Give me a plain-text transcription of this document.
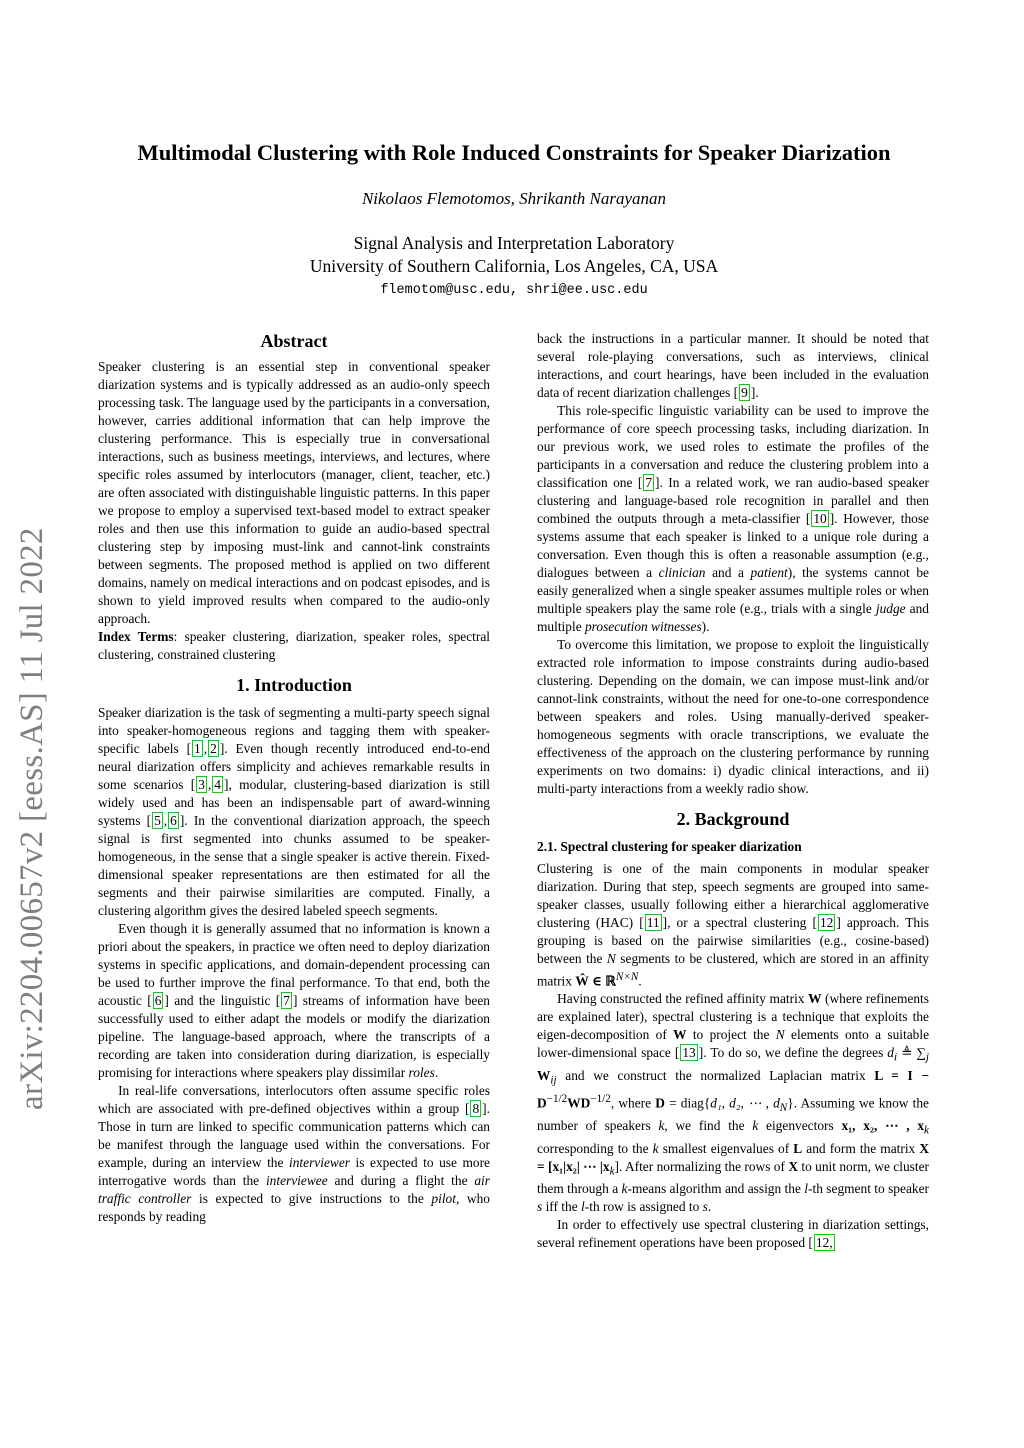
arXiv:2204.00657v2 [eess.AS] 11 Jul 2022
Multimodal Clustering with Role Induced Constraints for Speaker Diarization
Nikolaos Flemotomos, Shrikanth Narayanan
Signal Analysis and Interpretation Laboratory
University of Southern California, Los Angeles, CA, USA
flemotom@usc.edu, shri@ee.usc.edu
Abstract

Speaker clustering is an essential step in conventional speaker diarization systems and is typically addressed as an audio-only speech processing task. The language used by the participants in a conversation, however, carries additional information that can help improve the clustering performance. This is especially true in conversational interactions, such as business meetings, interviews, and lectures, where specific roles assumed by interlocutors (manager, client, teacher, etc.) are often associated with distinguishable linguistic patterns. In this paper we propose to employ a supervised text-based model to extract speaker roles and then use this information to guide an audio-based spectral clustering step by imposing must-link and cannot-link constraints between segments. The proposed method is applied on two different domains, namely on medical interactions and on podcast episodes, and is shown to yield improved results when compared to the audio-only approach.

Index Terms: speaker clustering, diarization, speaker roles, spectral clustering, constrained clustering

1. Introduction

Speaker diarization is the task of segmenting a multi-party speech signal into speaker-homogeneous regions and tagging them with speaker-specific labels [ 1 , 2 ]. Even though recently introduced end-to-end neural diarization offers simplicity and achieves remarkable results in some scenarios [ 3 , 4 ], modular, clustering-based diarization is still widely used and has been an indispensable part of award-winning systems [ 5 , 6 ]. In the conventional diarization approach, the speech signal is first segmented into chunks assumed to be speaker-homogeneous, in the sense that a single speaker is active therein. Fixed-dimensional speaker representations are then estimated for all the segments and their pairwise similarities are computed. Finally, a clustering algorithm gives the desired labeled speech segments.

Even though it is generally assumed that no information is known a priori about the speakers, in practice we often need to deploy diarization systems in specific applications, and domain-dependent processing can be used to further improve the final performance. To that end, both the acoustic [ 6 ] and the linguistic [ 7 ] streams of information have been successfully used to either adapt the models or modify the diarization pipeline. The language-based approach, where the transcripts of a recording are taken into consideration during diarization, is especially promising for interactions where speakers play dissimilar roles.

In real-life conversations, interlocutors often assume specific roles which are associated with pre-defined objectives within a group [ 8 ]. Those in turn are linked to specific communication patterns which can be manifest through the language used within the conversations. For example, during an interview the interviewer is expected to use more interrogative words than the interviewee and during a flight the air traffic controller is expected to give instructions to the pilot, who responds by reading

back the instructions in a particular manner. It should be noted that several role-playing conversations, such as interviews, clinical interactions, and court hearings, have been included in the evaluation data of recent diarization challenges [ 9 ].

This role-specific linguistic variability can be used to improve the performance of core speech processing tasks, including diarization. In our previous work, we used roles to estimate the profiles of the participants in a conversation and reduce the clustering problem into a classification one [ 7 ]. In a related work, we ran audio-based speaker clustering and language-based role recognition in parallel and then combined the outputs through a meta-classifier [ 10 ]. However, those systems assume that each speaker is linked to a unique role during a conversation. Even though this is often a reasonable assumption (e.g., dialogues between a clinician and a patient), the systems cannot be easily generalized when a single speaker assumes multiple roles or when multiple speakers play the same role (e.g., trials with a single judge and multiple prosecution witnesses).

To overcome this limitation, we propose to exploit the linguistically extracted role information to impose constraints during audio-based clustering. Depending on the domain, we can impose must-link and/or cannot-link constraints, without the need for one-to-one correspondence between speakers and roles. Using manually-derived speaker-homogeneous segments with oracle transcriptions, we evaluate the effectiveness of the approach on the clustering performance by running experiments on two domains: i) dyadic clinical interactions, and ii) multi-party interactions from a weekly radio show.

2. Background
2.1. Spectral clustering for speaker diarization

Clustering is one of the main components in modular speaker diarization. During that step, speech segments are grouped into same-speaker classes, usually following either a hierarchical agglomerative clustering (HAC) [ 11 ], or a spectral clustering [ 12 ] approach. This grouping is based on the pairwise similarities (e.g., cosine-based) between the N segments to be clustered, which are stored in an affinity matrix Ŵ ∈ ℝ$^{N\times N}$.

Having constructed the refined affinity matrix W (where refinements are explained later), spectral clustering is a technique that exploits the eigen-decomposition of W to project the N elements onto a suitable lower-dimensional space [ 13 ]. To do so, we define the degrees $d_i$ ≜ $\sum_j$ $W_{ij}$ and we construct the normalized Laplacian matrix $L = I - D^{-1/2}WD^{-1/2}$, where D = diag{d₁, d₂, ⋯ , $d_N$}. Assuming we know the number of speakers k, we find the k eigenvectors x₁, x₂, ⋯ , $x_k$ corresponding to the k smallest eigenvalues of L and form the matrix X = [x₁|x₂| ⋯ $|x_k$]. After normalizing the rows of X to unit norm, we cluster them through a k-means algorithm and assign the l-th segment to speaker s iff the l-th row is assigned to s.

In order to effectively use spectral clustering in diarization settings, several refinement operations have been proposed [ 12,
